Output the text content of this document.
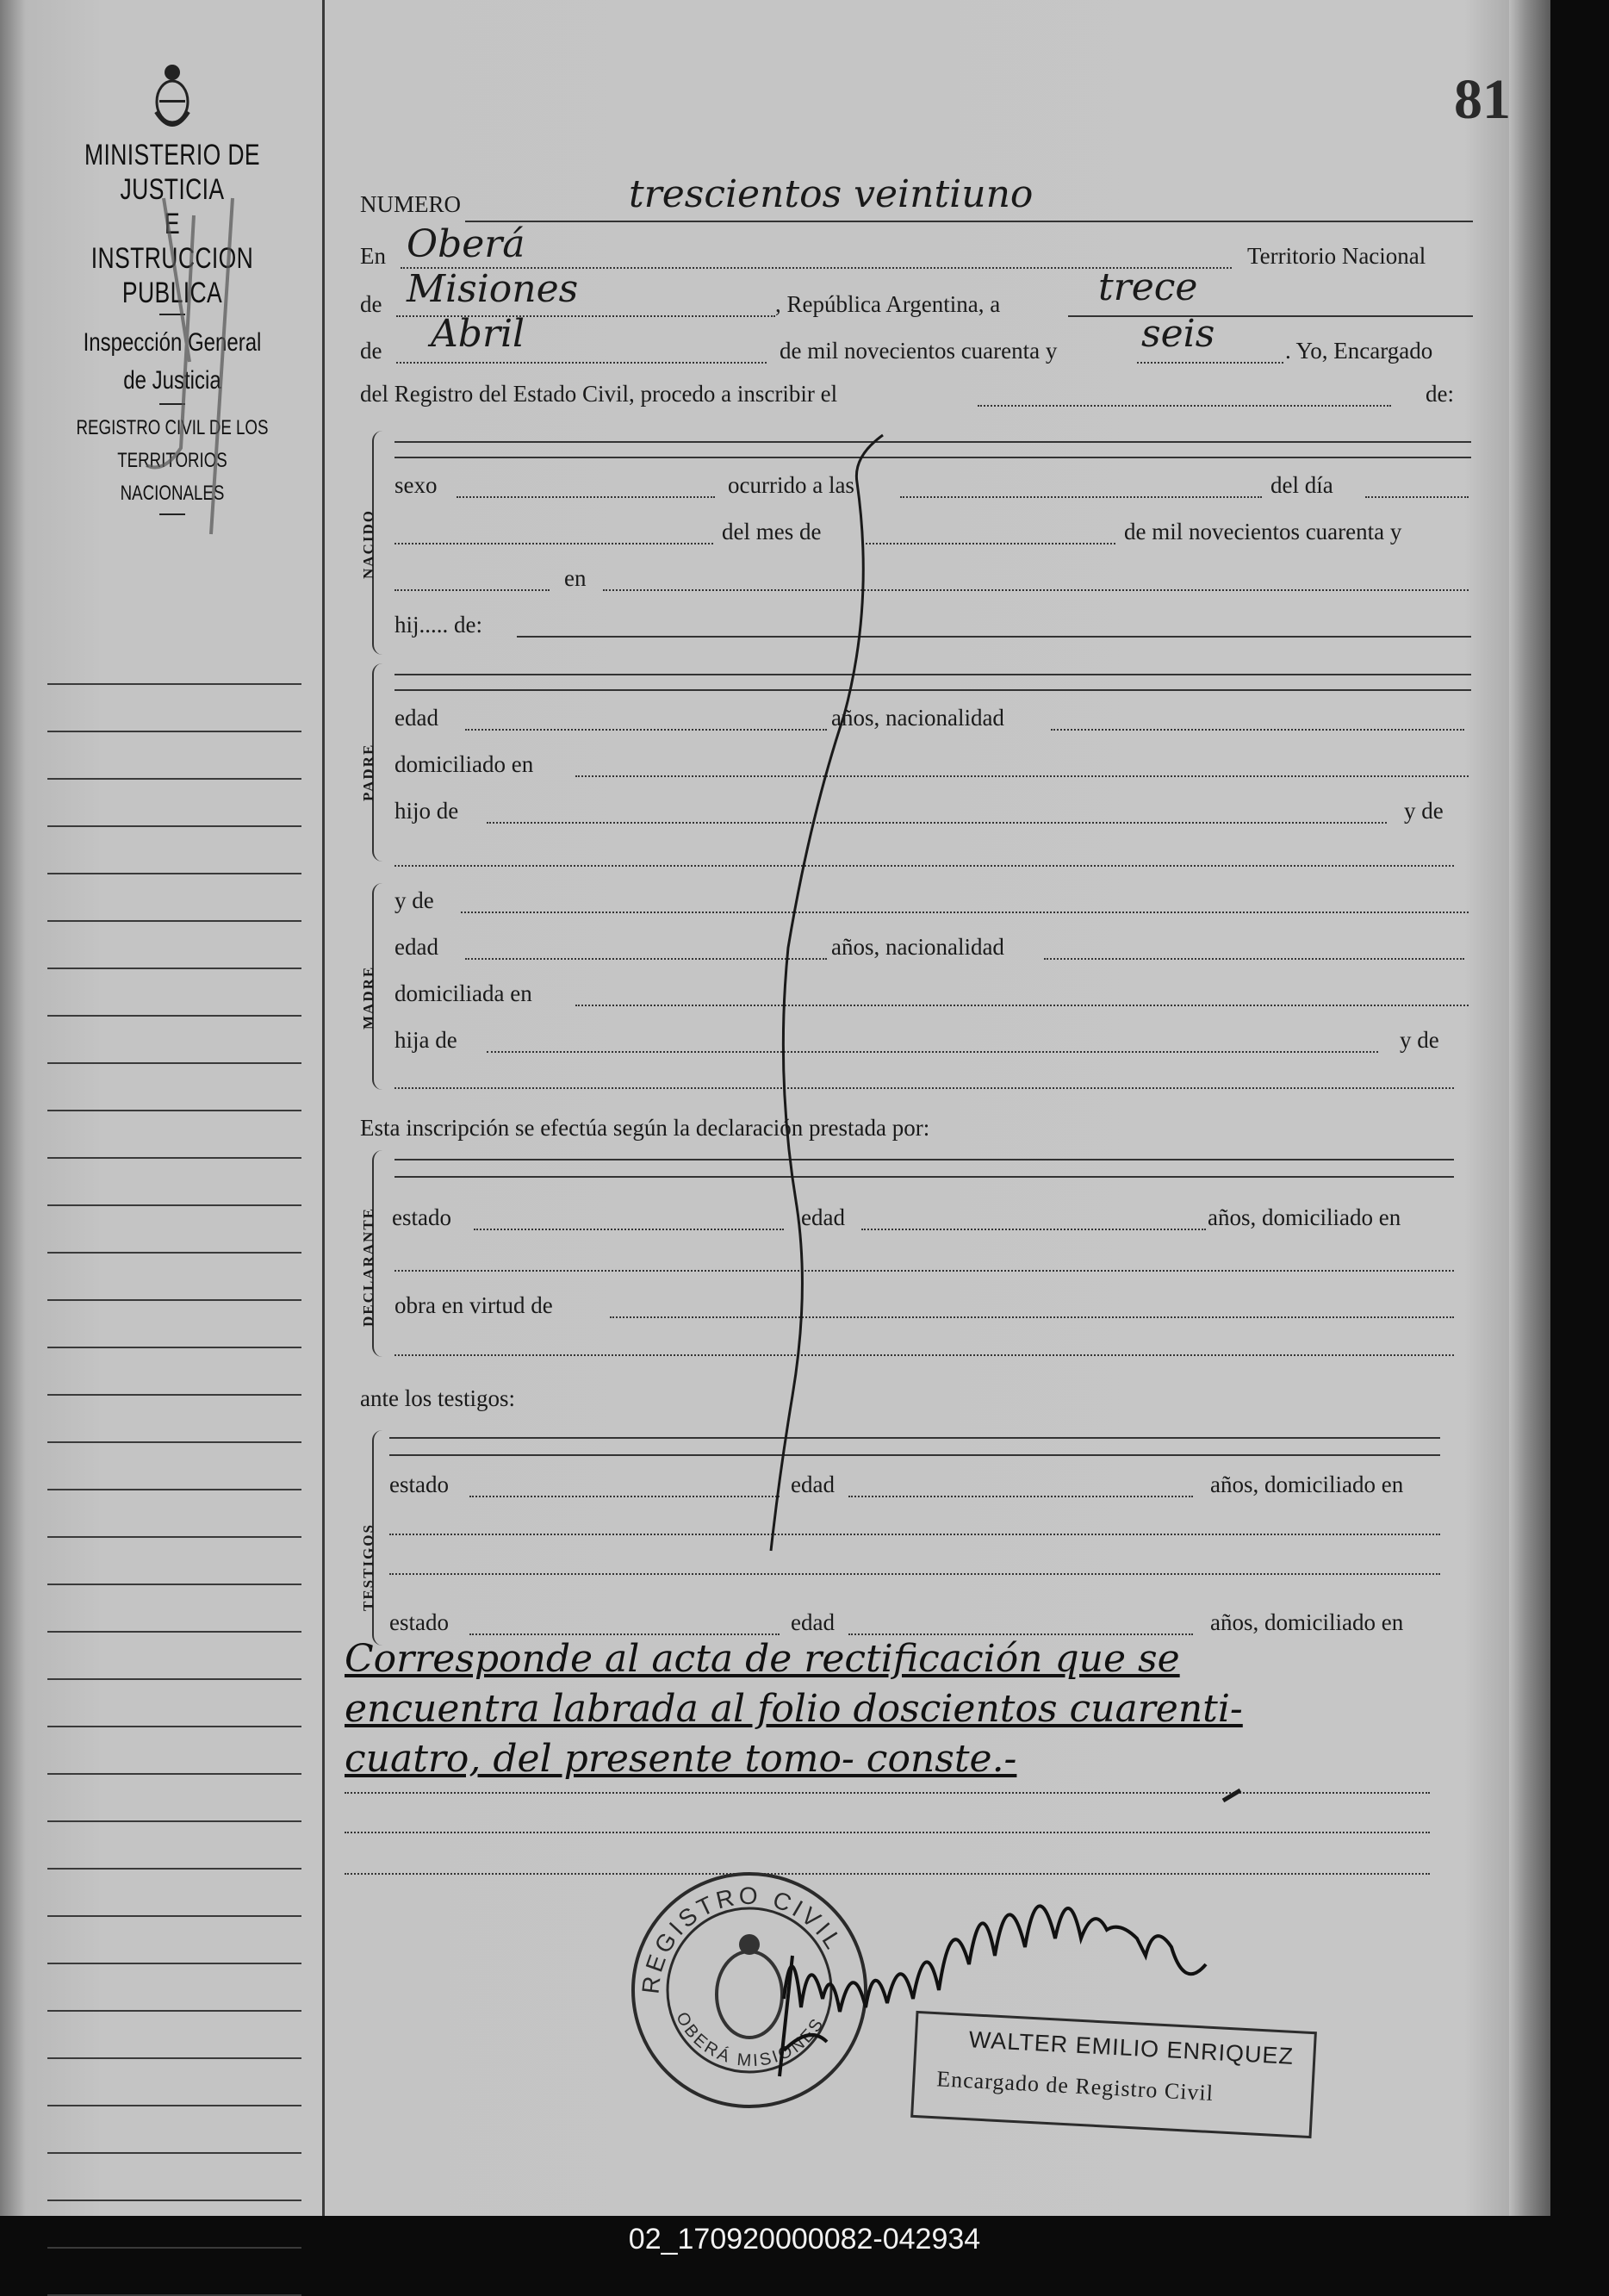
81
MINISTERIO DE JUSTICIA
E
INSTRUCCION PUBLICA
Inspección General
de Justicia
REGISTRO CIVIL DE LOS
TERRITORIOS NACIONALES
NUMERO	trescientos veintiuno
En Oberá	Territorio Nacional
de Misiones	, República Argentina, a	trece
de Abril	de mil novecientos cuarenta y seis	. Yo, Encargado
del Registro del Estado Civil, procedo a inscribir el	de:
NACIDO
sexo	ocurrido a las	del día
del mes de	de mil novecientos cuarenta y
en
hij..... de:
PADRE
edad	años, nacionalidad
domiciliado en
hijo de	y de
MADRE
y de
edad	años, nacionalidad
domiciliada en
hija de	y de
Esta inscripción se efectúa según la declaración prestada por:
DECLARANTE estado	edad	años, domiciliado en
obra en virtud de
ante los testigos:
TESTIGOS
estado	edad	años, domiciliado en
estado	edad	años, domiciliado en
Corresponde al acta de rectificación que se
encuentra labrada al folio doscientos cuarenti-
cuatro, del presente tomo- conste.-
REGISTRO CIVIL
OBERÁ MISIONES
WALTER EMILIO ENRIQUEZ
Encargado de Registro Civil
02_170920000082-042934
